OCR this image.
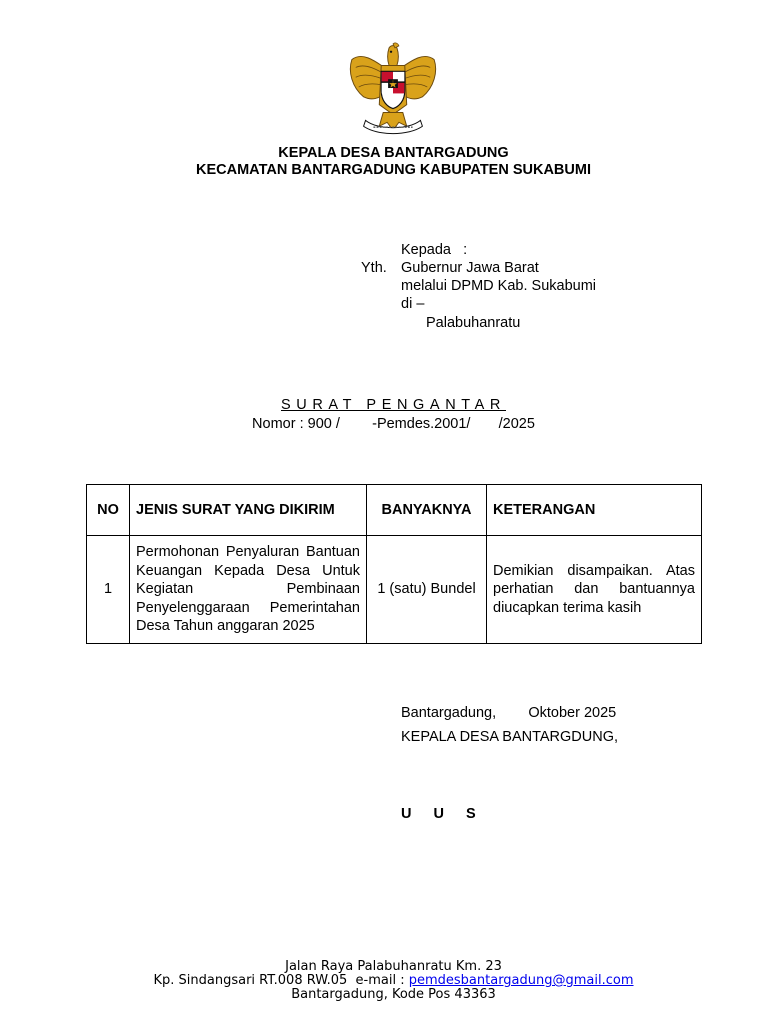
KEPALA DESA BANTARGADUNG
KECAMATAN BANTARGADUNG KABUPATEN SUKABUMI
Kepada   :
Yth. Gubernur Jawa Barat
melalui DPMD Kab. Sukabumi
di –
Palabuhanratu
SURAT PENGANTAR
Nomor : 900 /        -Pemdes.2001/       /2025
NO	JENIS SURAT YANG DIKIRIM	BANYAKNYA	KETERANGAN
1	Permohonan Penyaluran Bantuan Keuangan Kepada Desa Untuk Kegiatan Pembinaan Penyelenggaraan Pemerintahan Desa Tahun anggaran 2025	1 (satu) Bundel	Demikian disampaikan. Atas perhatian dan bantuannya diucapkan terima kasih
Bantargadung,        Oktober 2025
KEPALA DESA BANTARGDUNG,
U U S
Jalan Raya Palabuhanratu Km. 23
Kp. Sindangsari RT.008 RW.05  e-mail : pemdesbantargadung@gmail.com
Bantargadung, Kode Pos 43363
